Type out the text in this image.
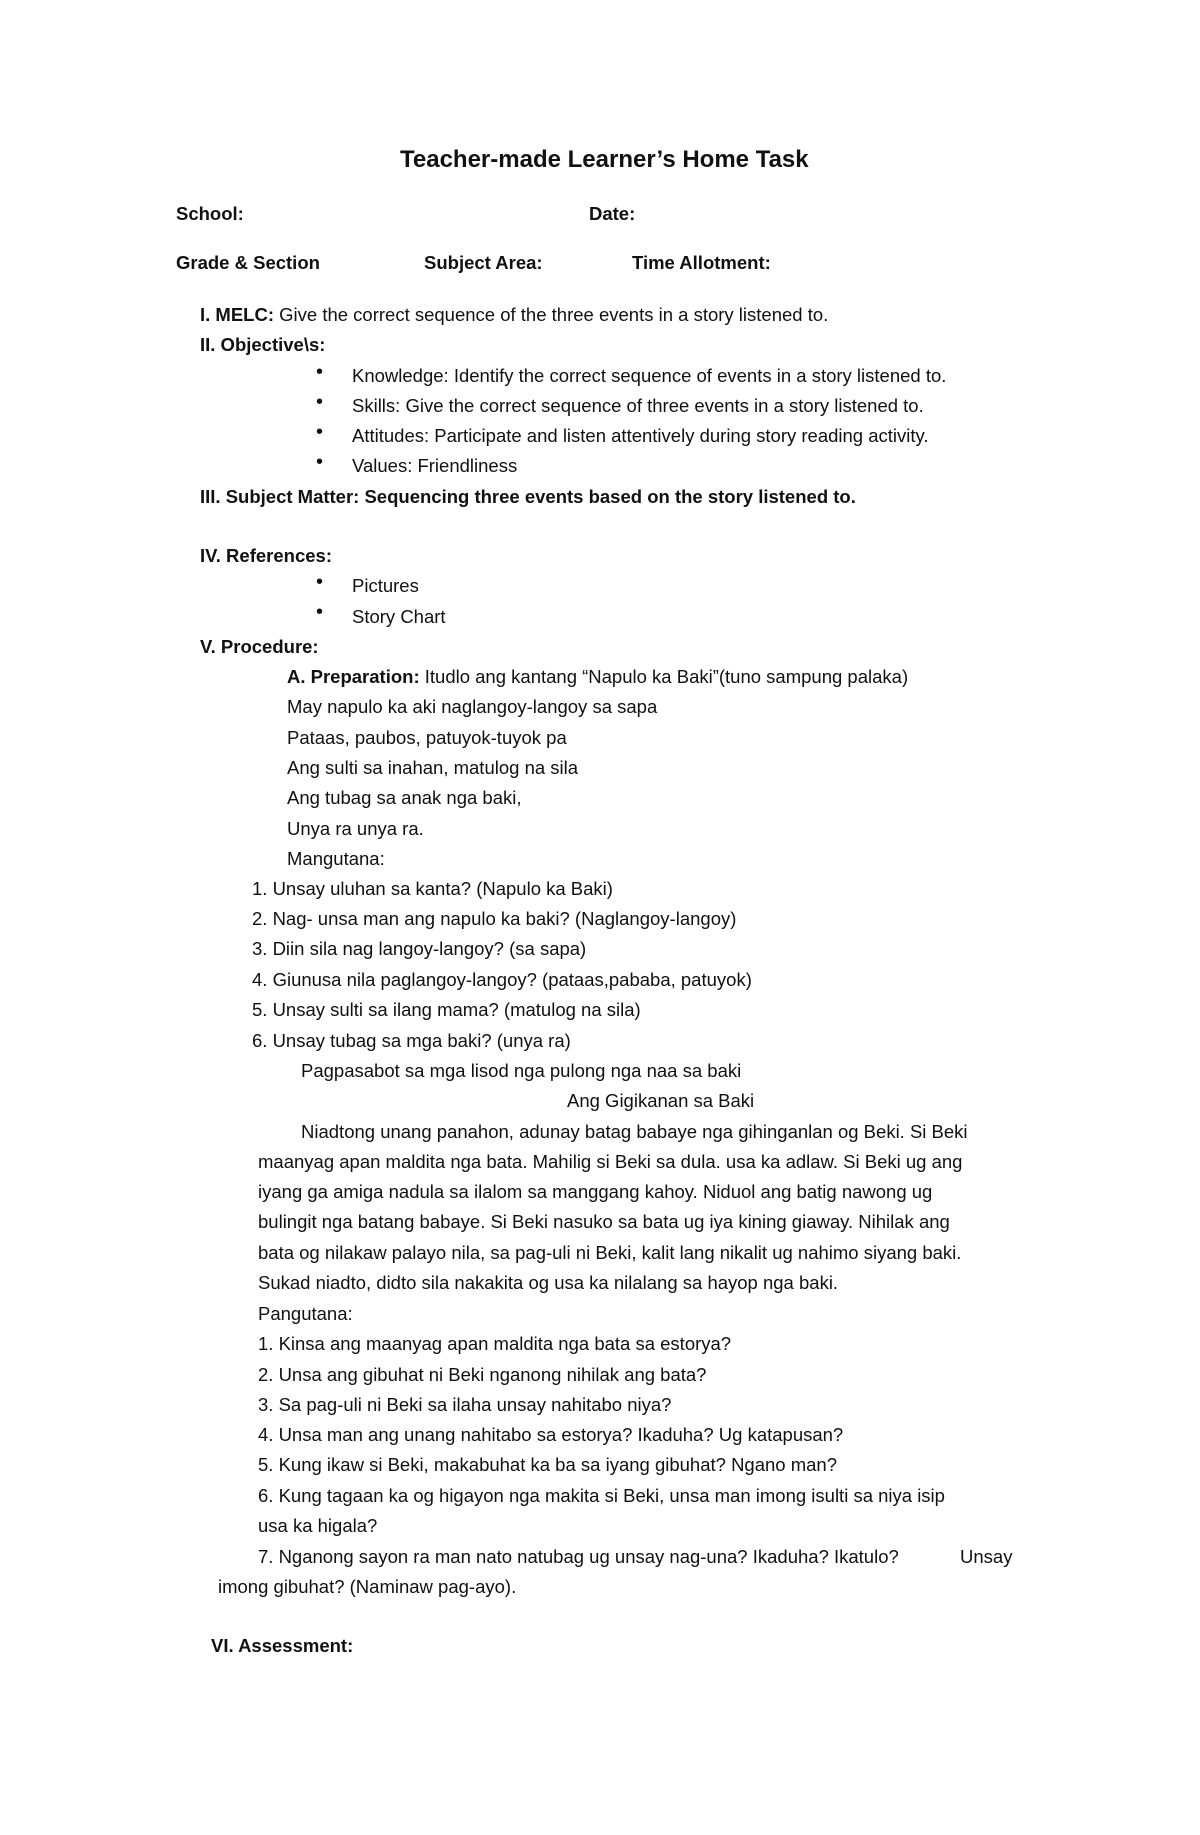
Teacher-made Learner’s Home Task
School:	Date:
Grade & Section	Subject Area:	Time Allotment:
I. MELC: Give the correct sequence of the three events in a story listened to.
II. Objective\s:
• Knowledge: Identify the correct sequence of events in a story listened to.
• Skills: Give the correct sequence of three events in a story listened to.
• Attitudes: Participate and listen attentively during story reading activity.
• Values: Friendliness
III. Subject Matter: Sequencing three events based on the story listened to.
IV. References:
• Pictures
• Story Chart
V. Procedure:
A. Preparation: Itudlo ang kantang “Napulo ka Baki”(tuno sampung palaka)
May napulo ka aki naglangoy-langoy sa sapa
Pataas, paubos, patuyok-tuyok pa
Ang sulti sa inahan, matulog na sila
Ang tubag sa anak nga baki,
Unya ra unya ra.
Mangutana:
1. Unsay uluhan sa kanta? (Napulo ka Baki)
2. Nag- unsa man ang napulo ka baki? (Naglangoy-langoy)
3. Diin sila nag langoy-langoy? (sa sapa)
4. Giunusa nila paglangoy-langoy? (pataas,pababa, patuyok)
5. Unsay sulti sa ilang mama? (matulog na sila)
6. Unsay tubag sa mga baki? (unya ra)
Pagpasabot sa mga lisod nga pulong nga naa sa baki
Ang Gigikanan sa Baki
Niadtong unang panahon, adunay batag babaye nga gihinganlan og Beki. Si Beki
maanyag apan maldita nga bata. Mahilig si Beki sa dula. usa ka adlaw. Si Beki ug ang
iyang ga amiga nadula sa ilalom sa manggang kahoy. Niduol ang batig nawong ug
bulingit nga batang babaye. Si Beki nasuko sa bata ug iya kining giaway. Nihilak ang
bata og nilakaw palayo nila, sa pag-uli ni Beki, kalit lang nikalit ug nahimo siyang baki.
Sukad niadto, didto sila nakakita og usa ka nilalang sa hayop nga baki.
Pangutana:
1. Kinsa ang maanyag apan maldita nga bata sa estorya?
2. Unsa ang gibuhat ni Beki nganong nihilak ang bata?
3. Sa pag-uli ni Beki sa ilaha unsay nahitabo niya?
4. Unsa man ang unang nahitabo sa estorya? Ikaduha? Ug katapusan?
5. Kung ikaw si Beki, makabuhat ka ba sa iyang gibuhat? Ngano man?
6. Kung tagaan ka og higayon nga makita si Beki, unsa man imong isulti sa niya isip
usa ka higala?
7. Nganong sayon ra man nato natubag ug unsay nag-una? Ikaduha? Ikatulo?	Unsay
imong gibuhat? (Naminaw pag-ayo).
VI. Assessment:
